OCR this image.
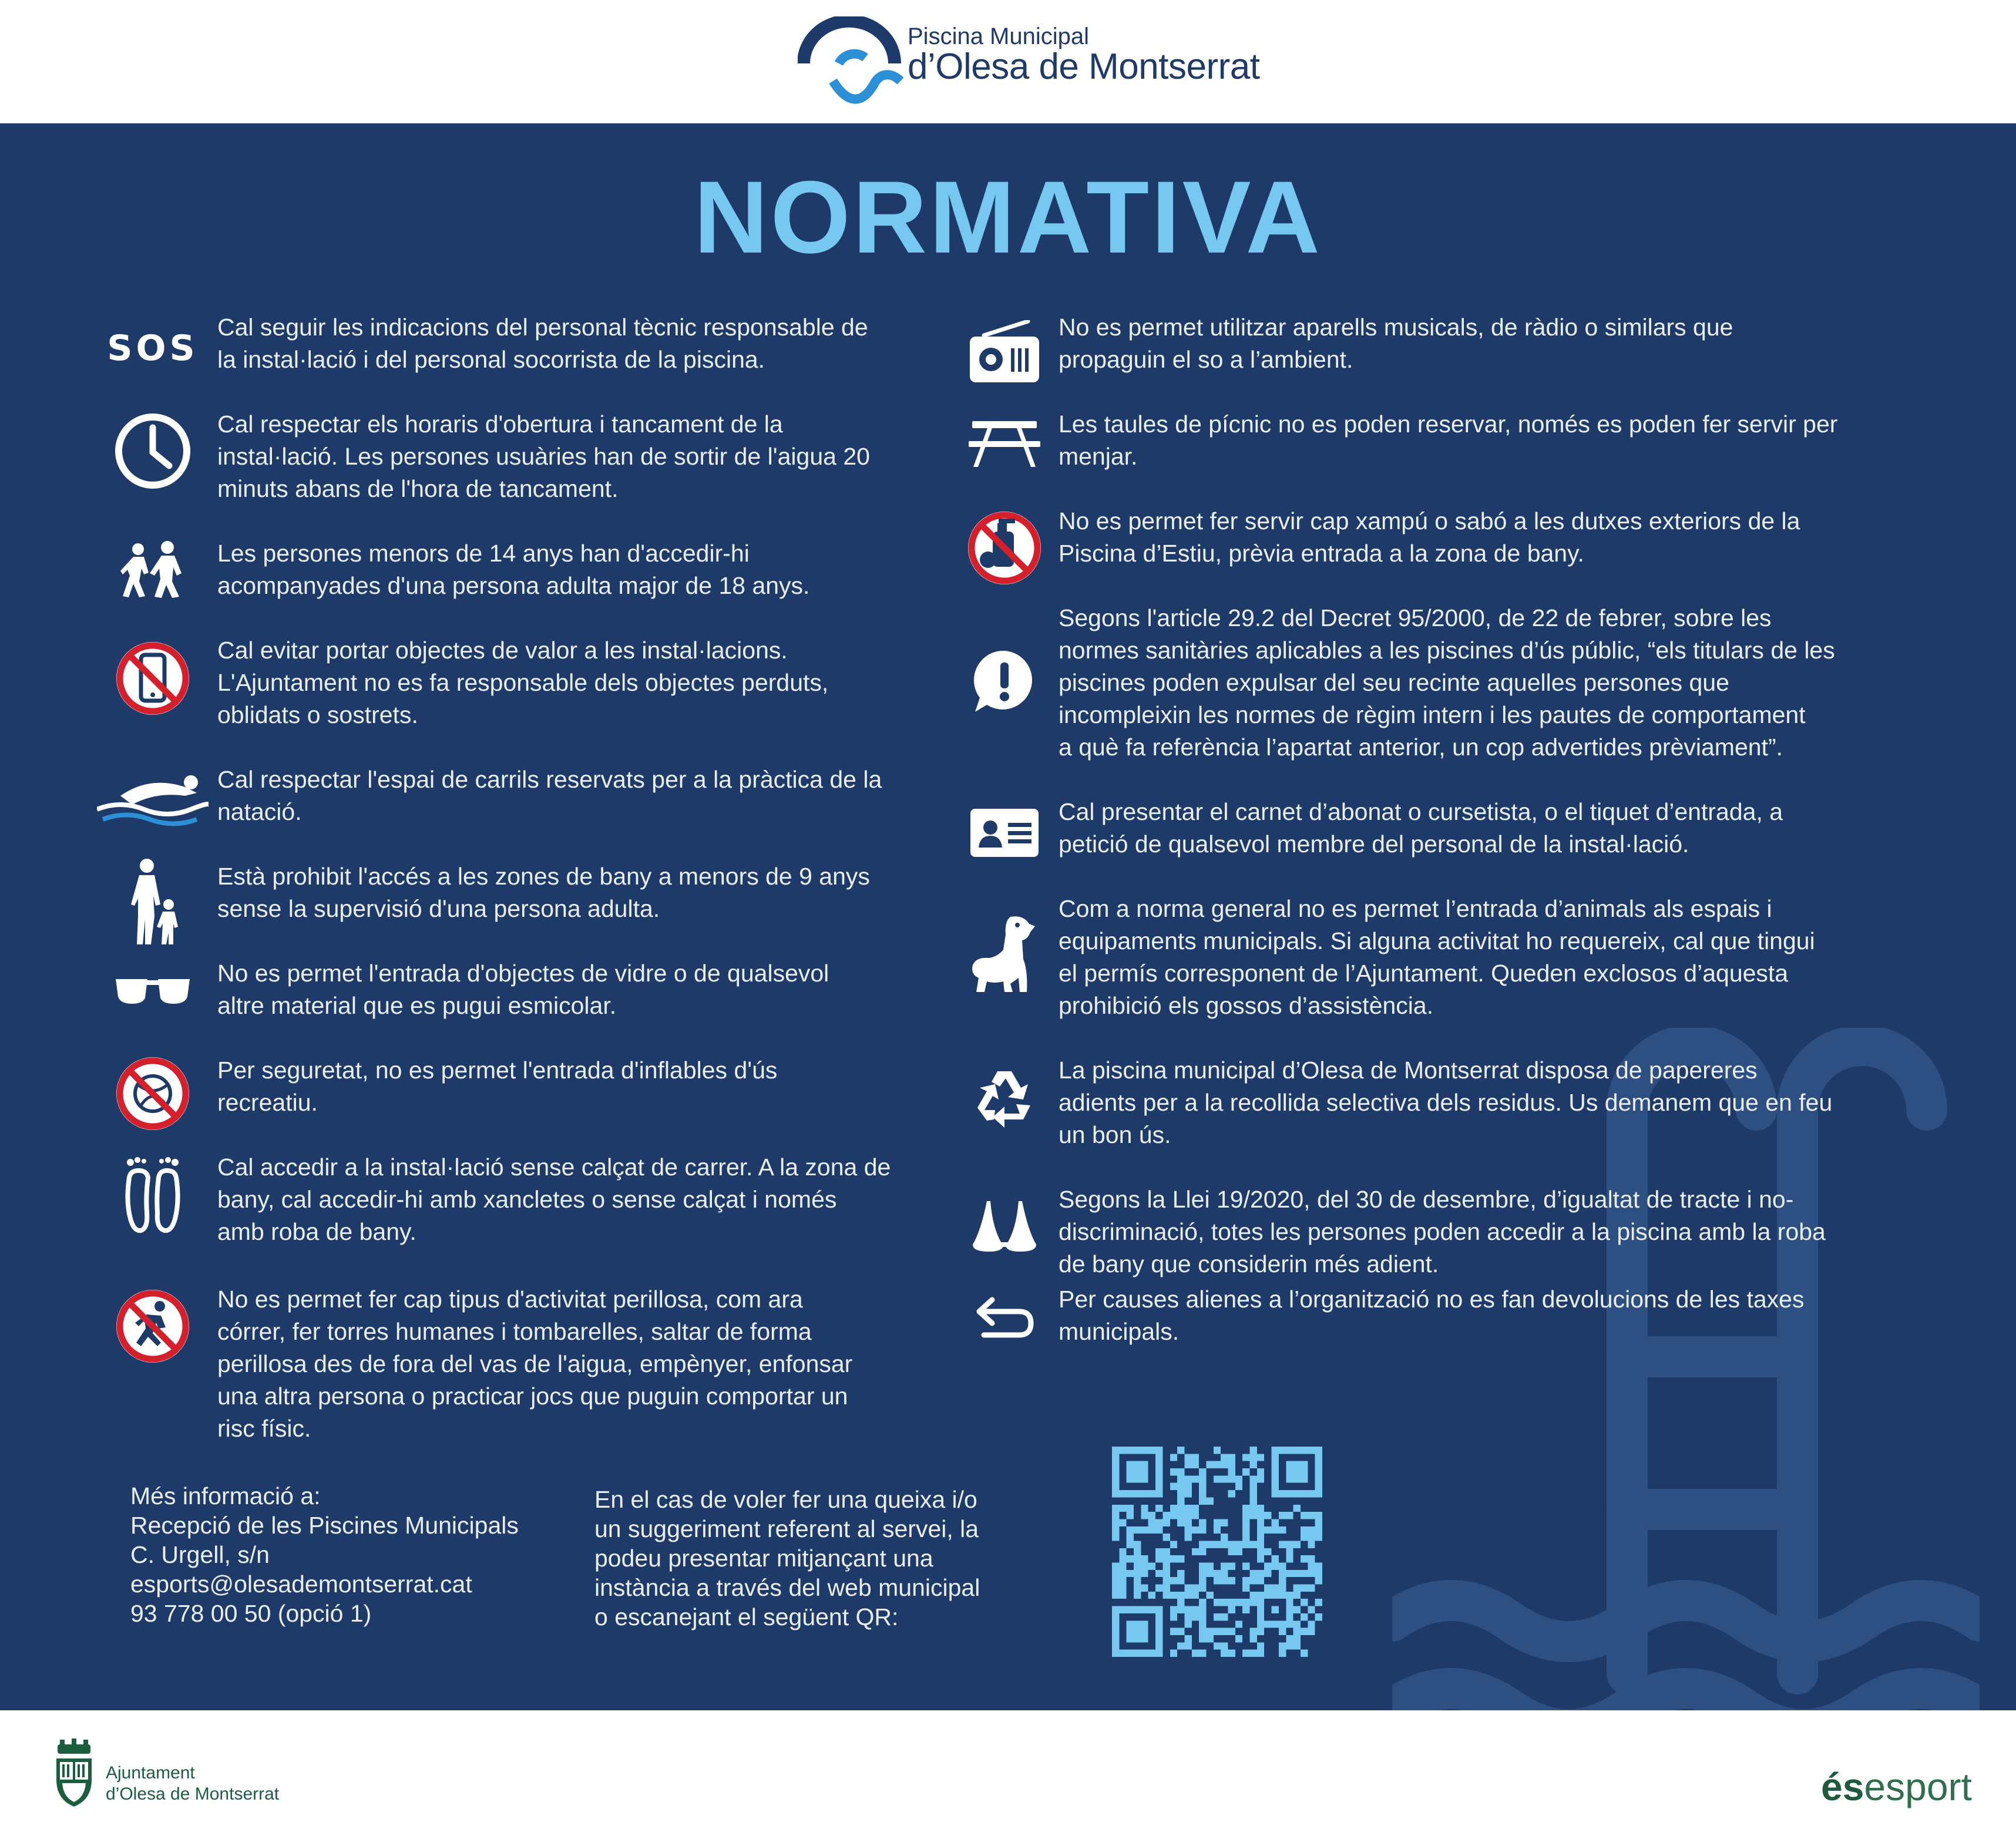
Piscina Municipal
d’Olesa de Montserrat
NORMATIVA
SOS
Cal seguir les indicacions del personal tècnic responsable de
la instal·lació i del personal socorrista de la piscina.
Cal respectar els horaris d'obertura i tancament de la
instal·lació. Les persones usuàries han de sortir de l'aigua 20
minuts abans de l'hora de tancament.
Les persones menors de 14 anys han d'accedir-hi
acompanyades d'una persona adulta major de 18 anys.
Cal evitar portar objectes de valor a les instal·lacions.
L'Ajuntament no es fa responsable dels objectes perduts,
oblidats o sostrets.
Cal respectar l'espai de carrils reservats per a la pràctica de la
natació.
Està prohibit l'accés a les zones de bany a menors de 9 anys
sense la supervisió d'una persona adulta.
No es permet l'entrada d'objectes de vidre o de qualsevol
altre material que es pugui esmicolar.
Per seguretat, no es permet l'entrada d'inflables d'ús
recreatiu.
Cal accedir a la instal·lació sense calçat de carrer. A la zona de
bany, cal accedir-hi amb xancletes o sense calçat i només
amb roba de bany.
No es permet fer cap tipus d'activitat perillosa, com ara
córrer, fer torres humanes i tombarelles, saltar de forma
perillosa des de fora del vas de l'aigua, empènyer, enfonsar
una altra persona o practicar jocs que puguin comportar un
risc físic.
No es permet utilitzar aparells musicals, de ràdio o similars que
propaguin el so a l’ambient.
Les taules de pícnic no es poden reservar, només es poden fer servir per
menjar.
No es permet fer servir cap xampú o sabó a les dutxes exteriors de la
Piscina d’Estiu, prèvia entrada a la zona de bany.
Segons l'article 29.2 del Decret 95/2000, de 22 de febrer, sobre les
normes sanitàries aplicables a les piscines d’ús públic, “els titulars de les
piscines poden expulsar del seu recinte aquelles persones que
incompleixin les normes de règim intern i les pautes de comportament
a què fa referència l’apartat anterior, un cop advertides prèviament”.
Cal presentar el carnet d’abonat o cursetista, o el tiquet d’entrada, a
petició de qualsevol membre del personal de la instal·lació.
Com a norma general no es permet l’entrada d’animals als espais i
equipaments municipals. Si alguna activitat ho requereix, cal que tingui
el permís corresponent de l’Ajuntament. Queden exclosos d’aquesta
prohibició els gossos d’assistència.
La piscina municipal d’Olesa de Montserrat disposa de papereres
adients per a la recollida selectiva dels residus. Us demanem que en feu
un bon ús.
Segons la Llei 19/2020, del 30 de desembre, d’igualtat de tracte i no-
discriminació, totes les persones poden accedir a la piscina amb la roba
de bany que considerin més adient.
Per causes alienes a l’organització no es fan devolucions de les taxes
municipals.
Més informació a:
Recepció de les Piscines Municipals
C. Urgell, s/n
esports@olesademontserrat.cat
93 778 00 50 (opció 1)
En el cas de voler fer una queixa i/o
un suggeriment referent al servei, la
podeu presentar mitjançant una
instància a través del web municipal
o escanejant el següent QR:
Ajuntament
d’Olesa de Montserrat	ésesport
